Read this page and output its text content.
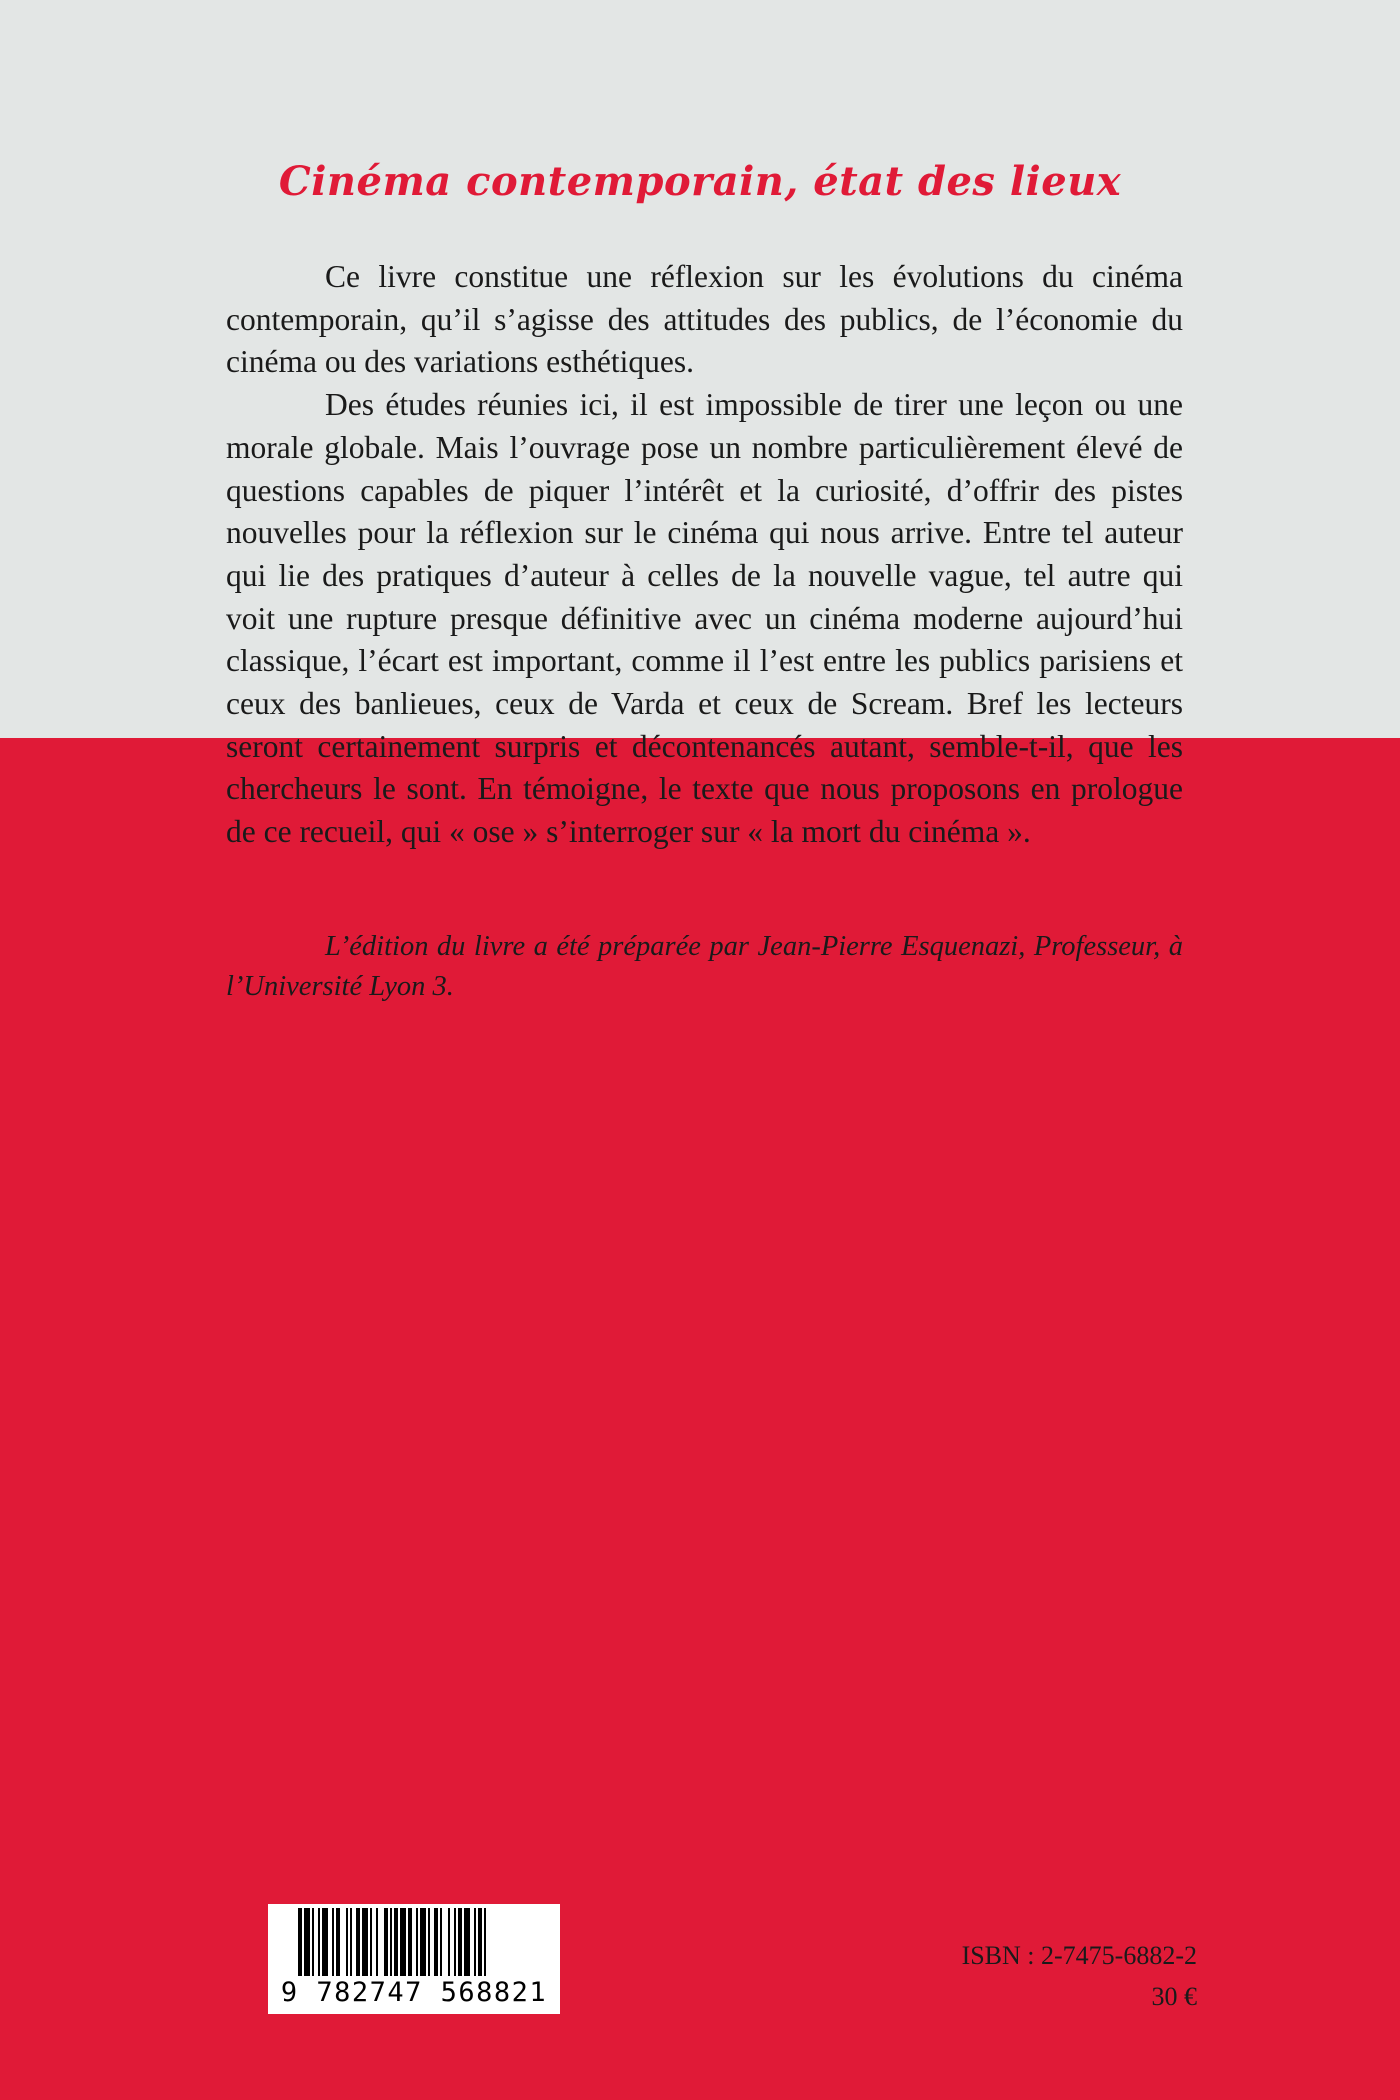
Cinéma contemporain, état des lieux

Ce livre constitue une réflexion sur les évolutions du cinéma contemporain, qu’il s’agisse des attitudes des publics, de l’économie du cinéma ou des variations esthétiques.

Des études réunies ici, il est impossible de tirer une leçon ou une morale globale. Mais l’ouvrage pose un nombre particulièrement élevé de questions capables de piquer l’intérêt et la curiosité, d’offrir des pistes nouvelles pour la réflexion sur le cinéma qui nous arrive. Entre tel auteur qui lie des pratiques d’auteur à celles de la nouvelle vague, tel autre qui voit une rupture presque définitive avec un cinéma moderne aujourd’hui classique, l’écart est important, comme il l’est entre les publics parisiens et ceux des banlieues, ceux de Varda et ceux de Scream. Bref les lecteurs seront certainement surpris et décontenancés autant, semble-t-il, que les chercheurs le sont. En témoigne, le texte que nous proposons en prologue de ce recueil, qui « ose » s’interroger sur « la mort du cinéma ».

L’édition du livre a été préparée par Jean-Pierre Esquenazi, Professeur, à l’Université Lyon 3.

9 782747 568821
ISBN : 2-7475-6882-2
30 €
